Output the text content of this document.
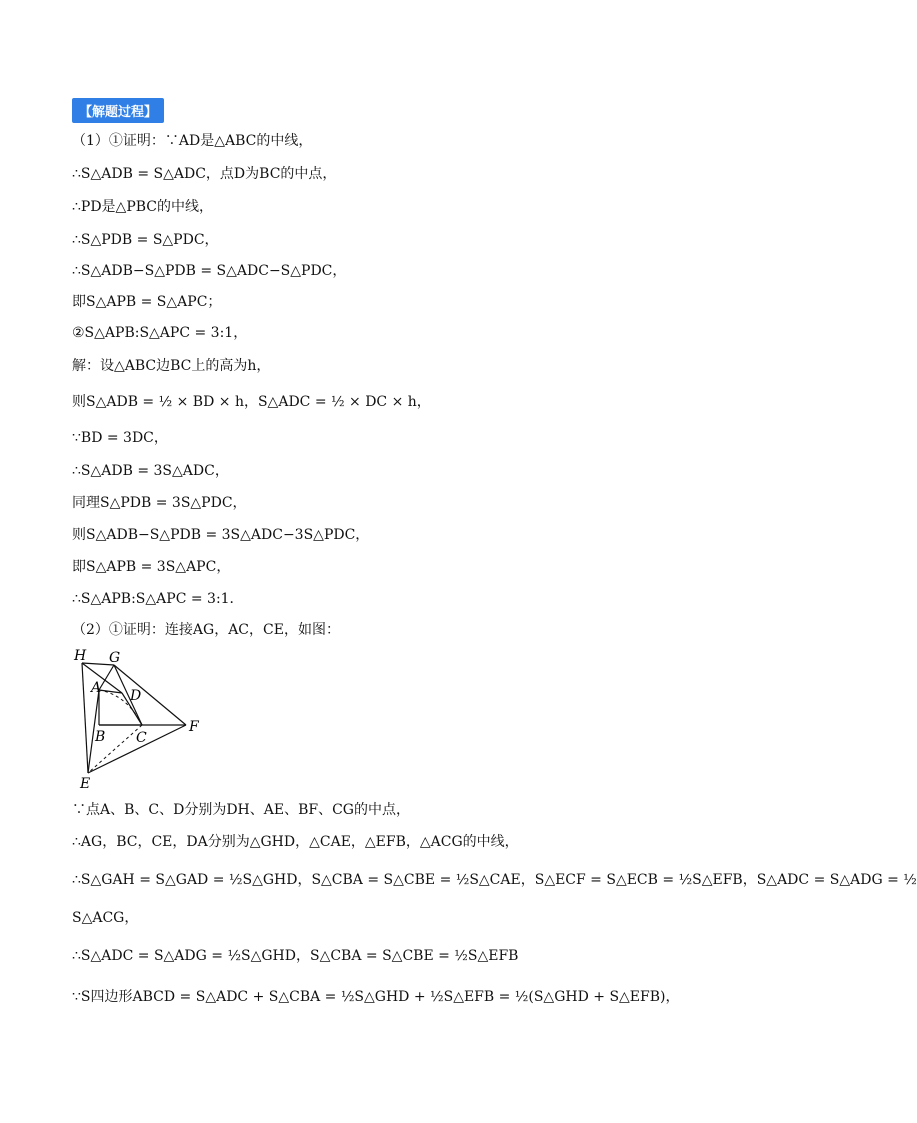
【解题过程】
（1）①证明：∵AD是△ABC的中线，
∴S△ADB = S△ADC，点D为BC的中点，
∴PD是△PBC的中线，
∴S△PDB = S△PDC，
∴S△ADB−S△PDB = S△ADC−S△PDC，
即S△APB = S△APC；
②S△APB:S△APC = 3:1，
解：设△ABC边BC上的高为h，
则S△ADB = ½ × BD × h，S△ADC = ½ × DC × h，
∵BD = 3DC，
∴S△ADB = 3S△ADC，
同理S△PDB = 3S△PDC，
则S△ADB−S△PDB = 3S△ADC−3S△PDC，
即S△APB = 3S△APC，
∴S△APB:S△APC = 3:1．
（2）①证明：连接AG，AC，CE，如图：
H G
A D
B C
F
E
∵点A、B、C、D分别为DH、AE、BF、CG的中点，
∴AG，BC，CE，DA分别为△GHD，△CAE，△EFB，△ACG的中线，
∴S△GAH = S△GAD = ½S△GHD，S△CBA = S△CBE = ½S△CAE，S△ECF = S△ECB = ½S△EFB，S△ADC = S△ADG = ½
S△ACG，
∴S△ADC = S△ADG = ½S△GHD，S△CBA = S△CBE = ½S△EFB
∵S四边形ABCD = S△ADC + S△CBA = ½S△GHD + ½S△EFB = ½(S△GHD + S△EFB)，
